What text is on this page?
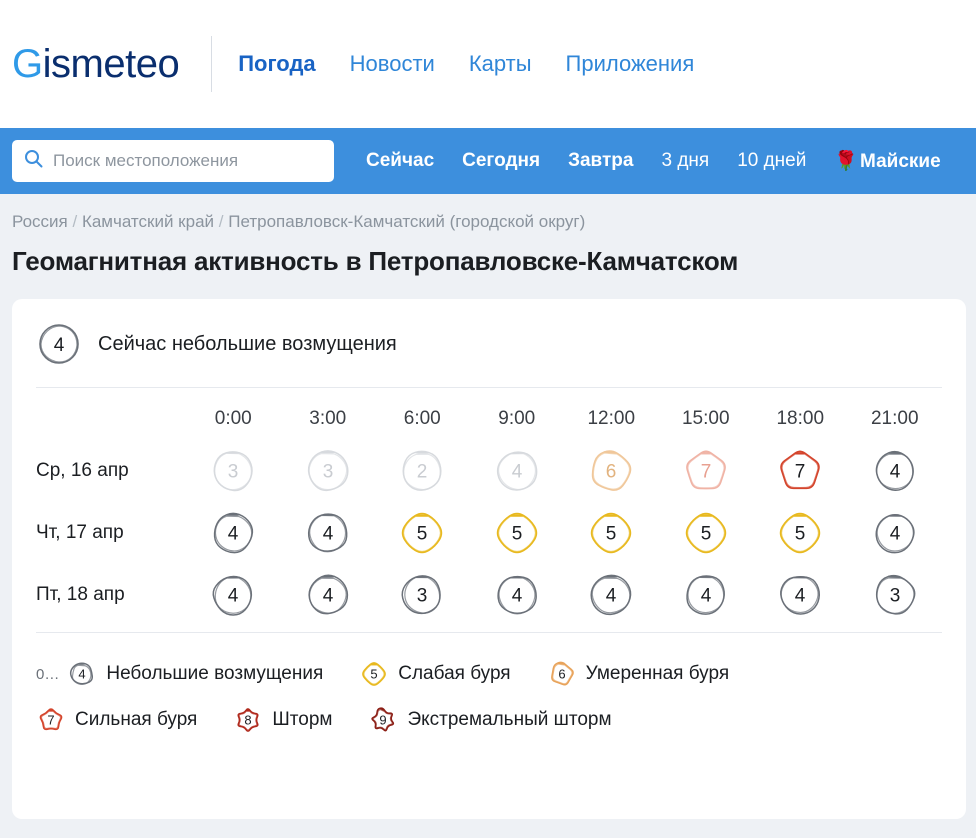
Gismeteo	Погода Новости Карты Приложения
Поиск местоположения	Сейчас Сегодня Завтра 3 дня 10 дней 🌹 Майские
Россия / Камчатский край / Петропавловск-Камчатский (городской округ)
Геомагнитная активность в Петропавловске-Камчатском
4 Сейчас небольшие возмущения
	0:00	3:00	6:00	9:00	12:00	15:00	18:00	21:00
Ср, 16 апр	3	3	2	4	6	7	7	4

Чт, 17 апр	4	4	5	5	5	5	5	4

Пт, 18 апр	4	4	3	4	4	4	4	3
0… 4 Небольшие возмущения	5 Слабая буря	6 Умеренная буря
7 Сильная буря	8 Шторм	9 Экстремальный шторм
